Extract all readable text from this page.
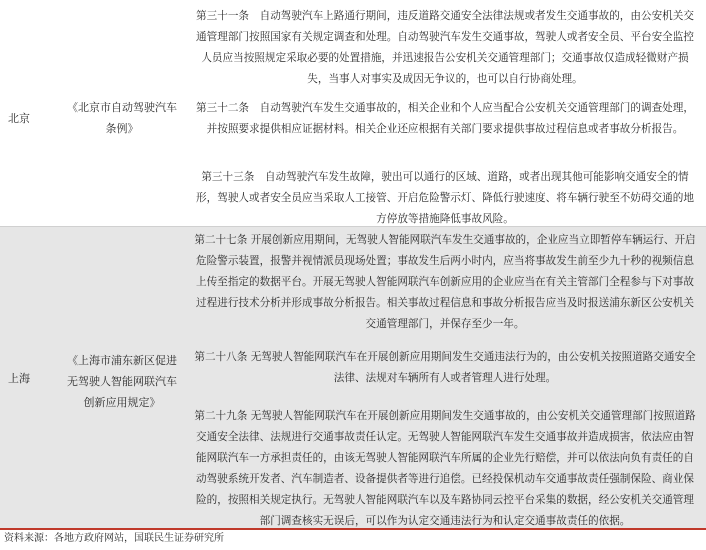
北京
《北京市自动驾驶汽车条例》
第三十一条　自动驾驶汽车上路通行期间，违反道路交通安全法律法规或者发生交通事故的，由公安机关交通管理部门按照国家有关规定调查和处理。自动驾驶汽车发生交通事故，驾驶人或者安全员、平台安全监控人员应当按照规定采取必要的处置措施，并迅速报告公安机关交通管理部门；交通事故仅造成轻微财产损失，当事人对事实及成因无争议的，也可以自行协商处理。
第三十二条　自动驾驶汽车发生交通事故的，相关企业和个人应当配合公安机关交通管理部门的调查处理，并按照要求提供相应证据材料。相关企业还应根据有关部门要求提供事故过程信息或者事故分析报告。
第三十三条　自动驾驶汽车发生故障，驶出可以通行的区域、道路，或者出现其他可能影响交通安全的情形，驾驶人或者安全员应当采取人工接管、开启危险警示灯、降低行驶速度、将车辆行驶至不妨碍交通的地方停放等措施降低事故风险。
上海
《上海市浦东新区促进无驾驶人智能网联汽车创新应用规定》
第二十七条 开展创新应用期间，无驾驶人智能网联汽车发生交通事故的，企业应当立即暂停车辆运行、开启危险警示装置，报警并视情派员现场处置；事故发生后两小时内，应当将事故发生前至少九十秒的视频信息上传至指定的数据平台。开展无驾驶人智能网联汽车创新应用的企业应当在有关主管部门全程参与下对事故过程进行技术分析并形成事故分析报告。相关事故过程信息和事故分析报告应当及时报送浦东新区公安机关交通管理部门，并保存至少一年。
第二十八条 无驾驶人智能网联汽车在开展创新应用期间发生交通违法行为的，由公安机关按照道路交通安全法律、法规对车辆所有人或者管理人进行处理。
第二十九条 无驾驶人智能网联汽车在开展创新应用期间发生交通事故的，由公安机关交通管理部门按照道路交通安全法律、法规进行交通事故责任认定。无驾驶人智能网联汽车发生交通事故并造成损害，依法应由智能网联汽车一方承担责任的，由该无驾驶人智能网联汽车所属的企业先行赔偿，并可以依法向负有责任的自动驾驶系统开发者、汽车制造者、设备提供者等进行追偿。已经投保机动车交通事故责任强制保险、商业保险的，按照相关规定执行。无驾驶人智能网联汽车以及车路协同云控平台采集的数据，经公安机关交通管理部门调查核实无误后，可以作为认定交通违法行为和认定交通事故责任的依据。
资料来源：各地方政府网站，国联民生证券研究所
